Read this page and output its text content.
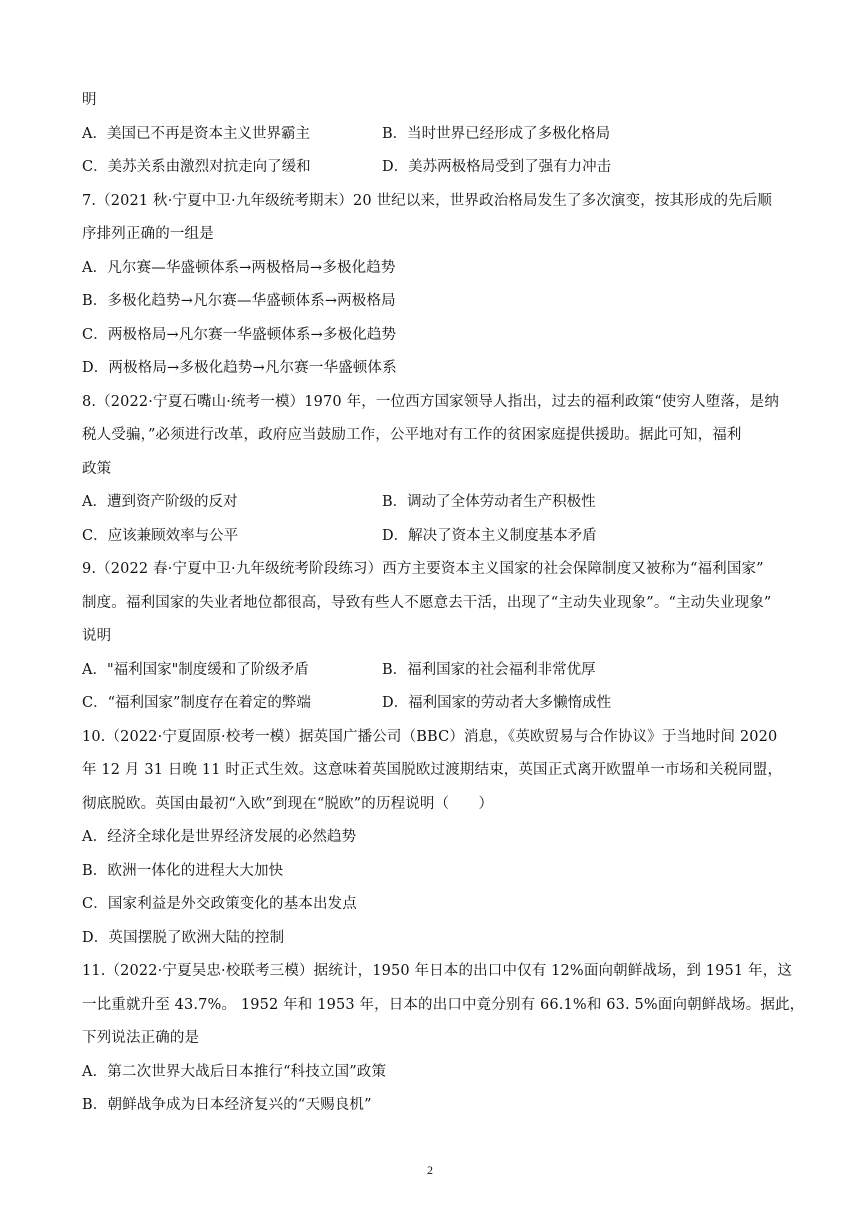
明
A．美国已不再是资本主义世界霸主	B．当时世界已经形成了多极化格局
C．美苏关系由激烈对抗走向了缓和	D．美苏两极格局受到了强有力冲击
7.（2021 秋·宁夏中卫·九年级统考期末）20 世纪以来，世界政治格局发生了多次演变，按其形成的先后顺
序排列正确的一组是
A．凡尔赛—华盛顿体系→两极格局→多极化趋势
B．多极化趋势→凡尔赛—华盛顿体系→两极格局
C．两极格局→凡尔赛一华盛顿体系→多极化趋势
D．两极格局→多极化趋势→凡尔赛一华盛顿体系
8.（2022·宁夏石嘴山·统考一模）1970 年，一位西方国家领导人指出，过去的福利政策“使穷人堕落，是纳
税人受骗，”必须进行改革，政府应当鼓励工作，公平地对有工作的贫困家庭提供援助。据此可知，福利
政策
A．遭到资产阶级的反对	B．调动了全体劳动者生产积极性
C．应该兼顾效率与公平	D．解决了资本主义制度基本矛盾
9.（2022 春·宁夏中卫·九年级统考阶段练习）西方主要资本主义国家的社会保障制度又被称为“福利国家”
制度。福利国家的失业者地位都很高，导致有些人不愿意去干活，出现了“主动失业现象”。“主动失业现象”
说明
A．"福利国家"制度缓和了阶级矛盾	B．福利国家的社会福利非常优厚
C．“福利国家”制度存在着定的弊端	D．福利国家的劳动者大多懒惰成性
10.（2022·宁夏固原·校考一模）据英国广播公司（BBC）消息，《英欧贸易与合作协议》于当地时间 2020
年 12 月 31 日晚 11 时正式生效。这意味着英国脱欧过渡期结束，英国正式离开欧盟单一市场和关税同盟，
彻底脱欧。英国由最初“入欧”到现在“脱欧”的历程说明（　　）
A．经济全球化是世界经济发展的必然趋势
B．欧洲一体化的进程大大加快
C．国家利益是外交政策变化的基本出发点
D．英国摆脱了欧洲大陆的控制
11.（2022·宁夏吴忠·校联考三模）据统计，1950 年日本的出口中仅有 12%面向朝鲜战场，到 1951 年，这
一比重就升至 43.7%。 1952 年和 1953 年，日本的出口中竟分别有 66.1%和 63. 5%面向朝鲜战场。据此，
下列说法正确的是
A．第二次世界大战后日本推行“科技立国”政策
B．朝鲜战争成为日本经济复兴的“天赐良机”
2
